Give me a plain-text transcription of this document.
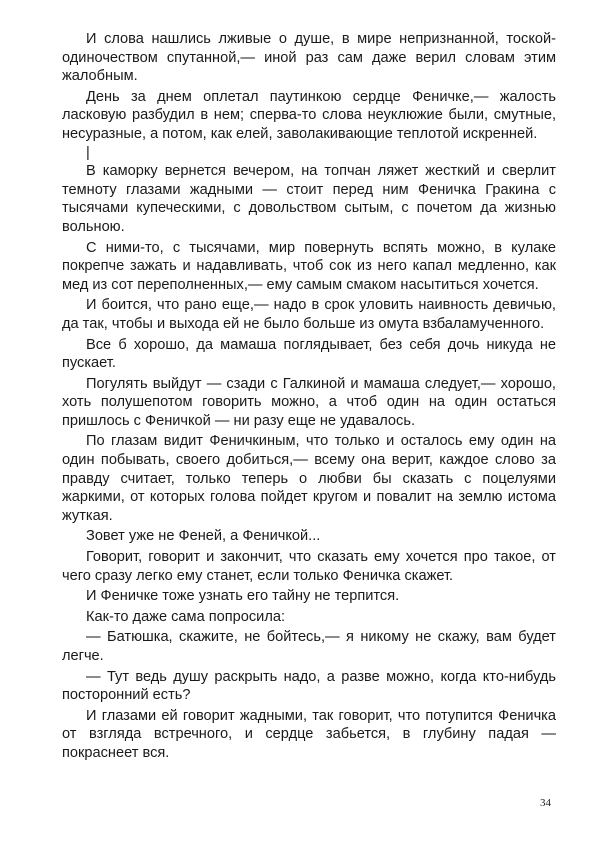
И слова нашлись лживые о душе, в мире непризнанной, тоской-одиночеством спутанной,— иной раз сам даже верил словам этим жалобным.

День за днем оплетал паутинкою сердце Феничке,— жалость ласковую разбудил в нем; сперва-то слова неуклюжие были, смутные, несуразные, а потом, как елей, заволакивающие теплотой искренней.

|

В каморку вернется вечером, на топчан ляжет жесткий и сверлит темноту глазами жадными — стоит перед ним Феничка Гракина с тысячами купеческими, с довольством сытым, с почетом да жизнью вольною.

С ними-то, с тысячами, мир повернуть вспять можно, в кулаке покрепче зажать и надавливать, чтоб сок из него капал медленно, как мед из сот переполненных,— ему самым смаком насытиться хочется.

И боится, что рано еще,— надо в срок уловить наивность девичью, да так, чтобы и выхода ей не было больше из омута взбаламученного.

Все б хорошо, да мамаша поглядывает, без себя дочь никуда не пускает.

Погулять выйдут — сзади с Галкиной и мамаша следует,— хорошо, хоть полушепотом говорить можно, а чтоб один на один остаться пришлось с Феничкой — ни разу еще не удавалось.

По глазам видит Феничкиным, что только и осталось ему один на один побывать, своего добиться,— всему она верит, каждое слово за правду считает, только теперь о любви бы сказать с поцелуями жаркими, от которых голова пойдет кругом и повалит на землю истома жуткая.

Зовет уже не Феней, а Феничкой...

Говорит, говорит и закончит, что сказать ему хочется про такое, от чего сразу легко ему станет, если только Феничка скажет.

И Феничке тоже узнать его тайну не терпится.

Как-то даже сама попросила:

— Батюшка, скажите, не бойтесь,— я никому не скажу, вам будет легче.

— Тут ведь душу раскрыть надо, а разве можно, когда кто-нибудь посторонний есть?

И глазами ей говорит жадными, так говорит, что потупится Феничка от взгляда встречного, и сердце забьется, в глубину падая — покраснеет вся.

34
